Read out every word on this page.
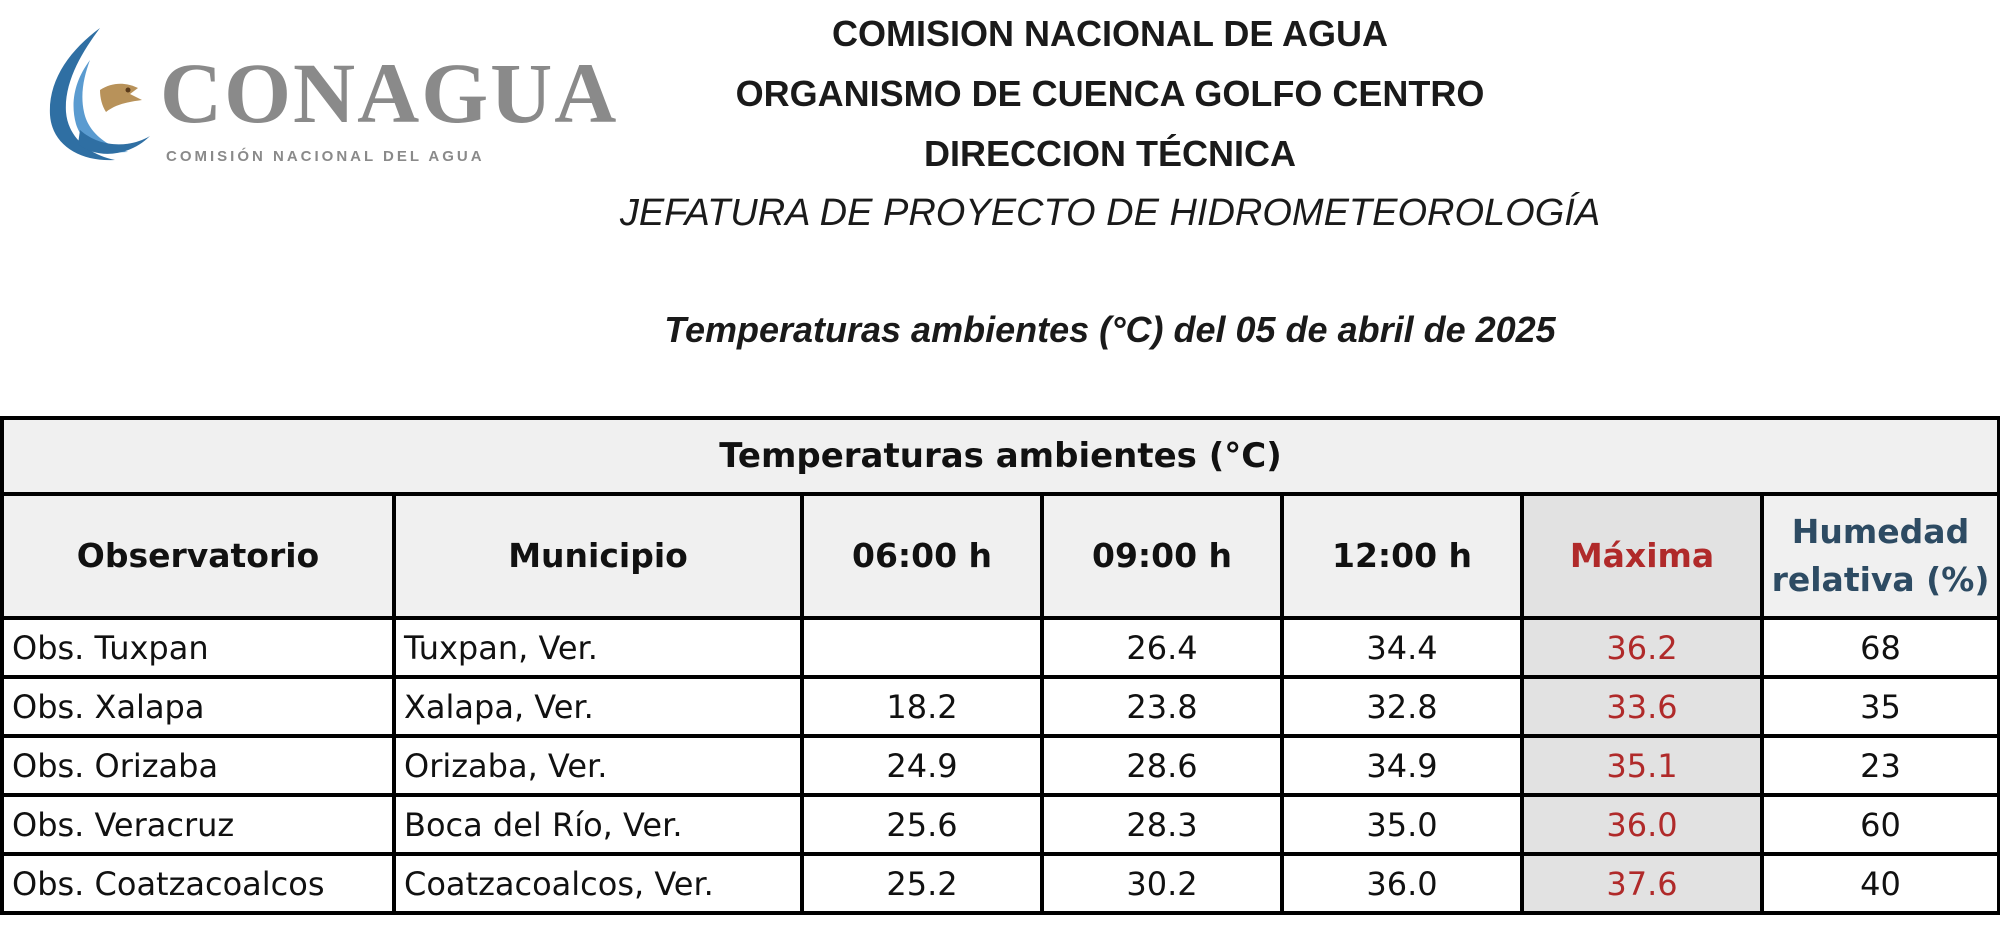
CONAGUA
COMISIÓN NACIONAL DEL AGUA
COMISION NACIONAL DE AGUA
ORGANISMO DE CUENCA GOLFO CENTRO
DIRECCION TÉCNICA
JEFATURA DE PROYECTO DE HIDROMETEOROLOGÍA
Temperaturas ambientes (°C) del 05 de abril de 2025
Temperaturas ambientes (°C)						
Observatorio	Municipio	06:00 h	09:00 h	12:00 h	Máxima	Humedad
relativa (%)
Obs. Tuxpan	Tuxpan, Ver.		26.4	34.4	36.2	68
Obs. Xalapa	Xalapa, Ver.	18.2	23.8	32.8	33.6	35
Obs. Orizaba	Orizaba, Ver.	24.9	28.6	34.9	35.1	23
Obs. Veracruz	Boca del Río, Ver.	25.6	28.3	35.0	36.0	60
Obs. Coatzacoalcos	Coatzacoalcos, Ver.	25.2	30.2	36.0	37.6	40
